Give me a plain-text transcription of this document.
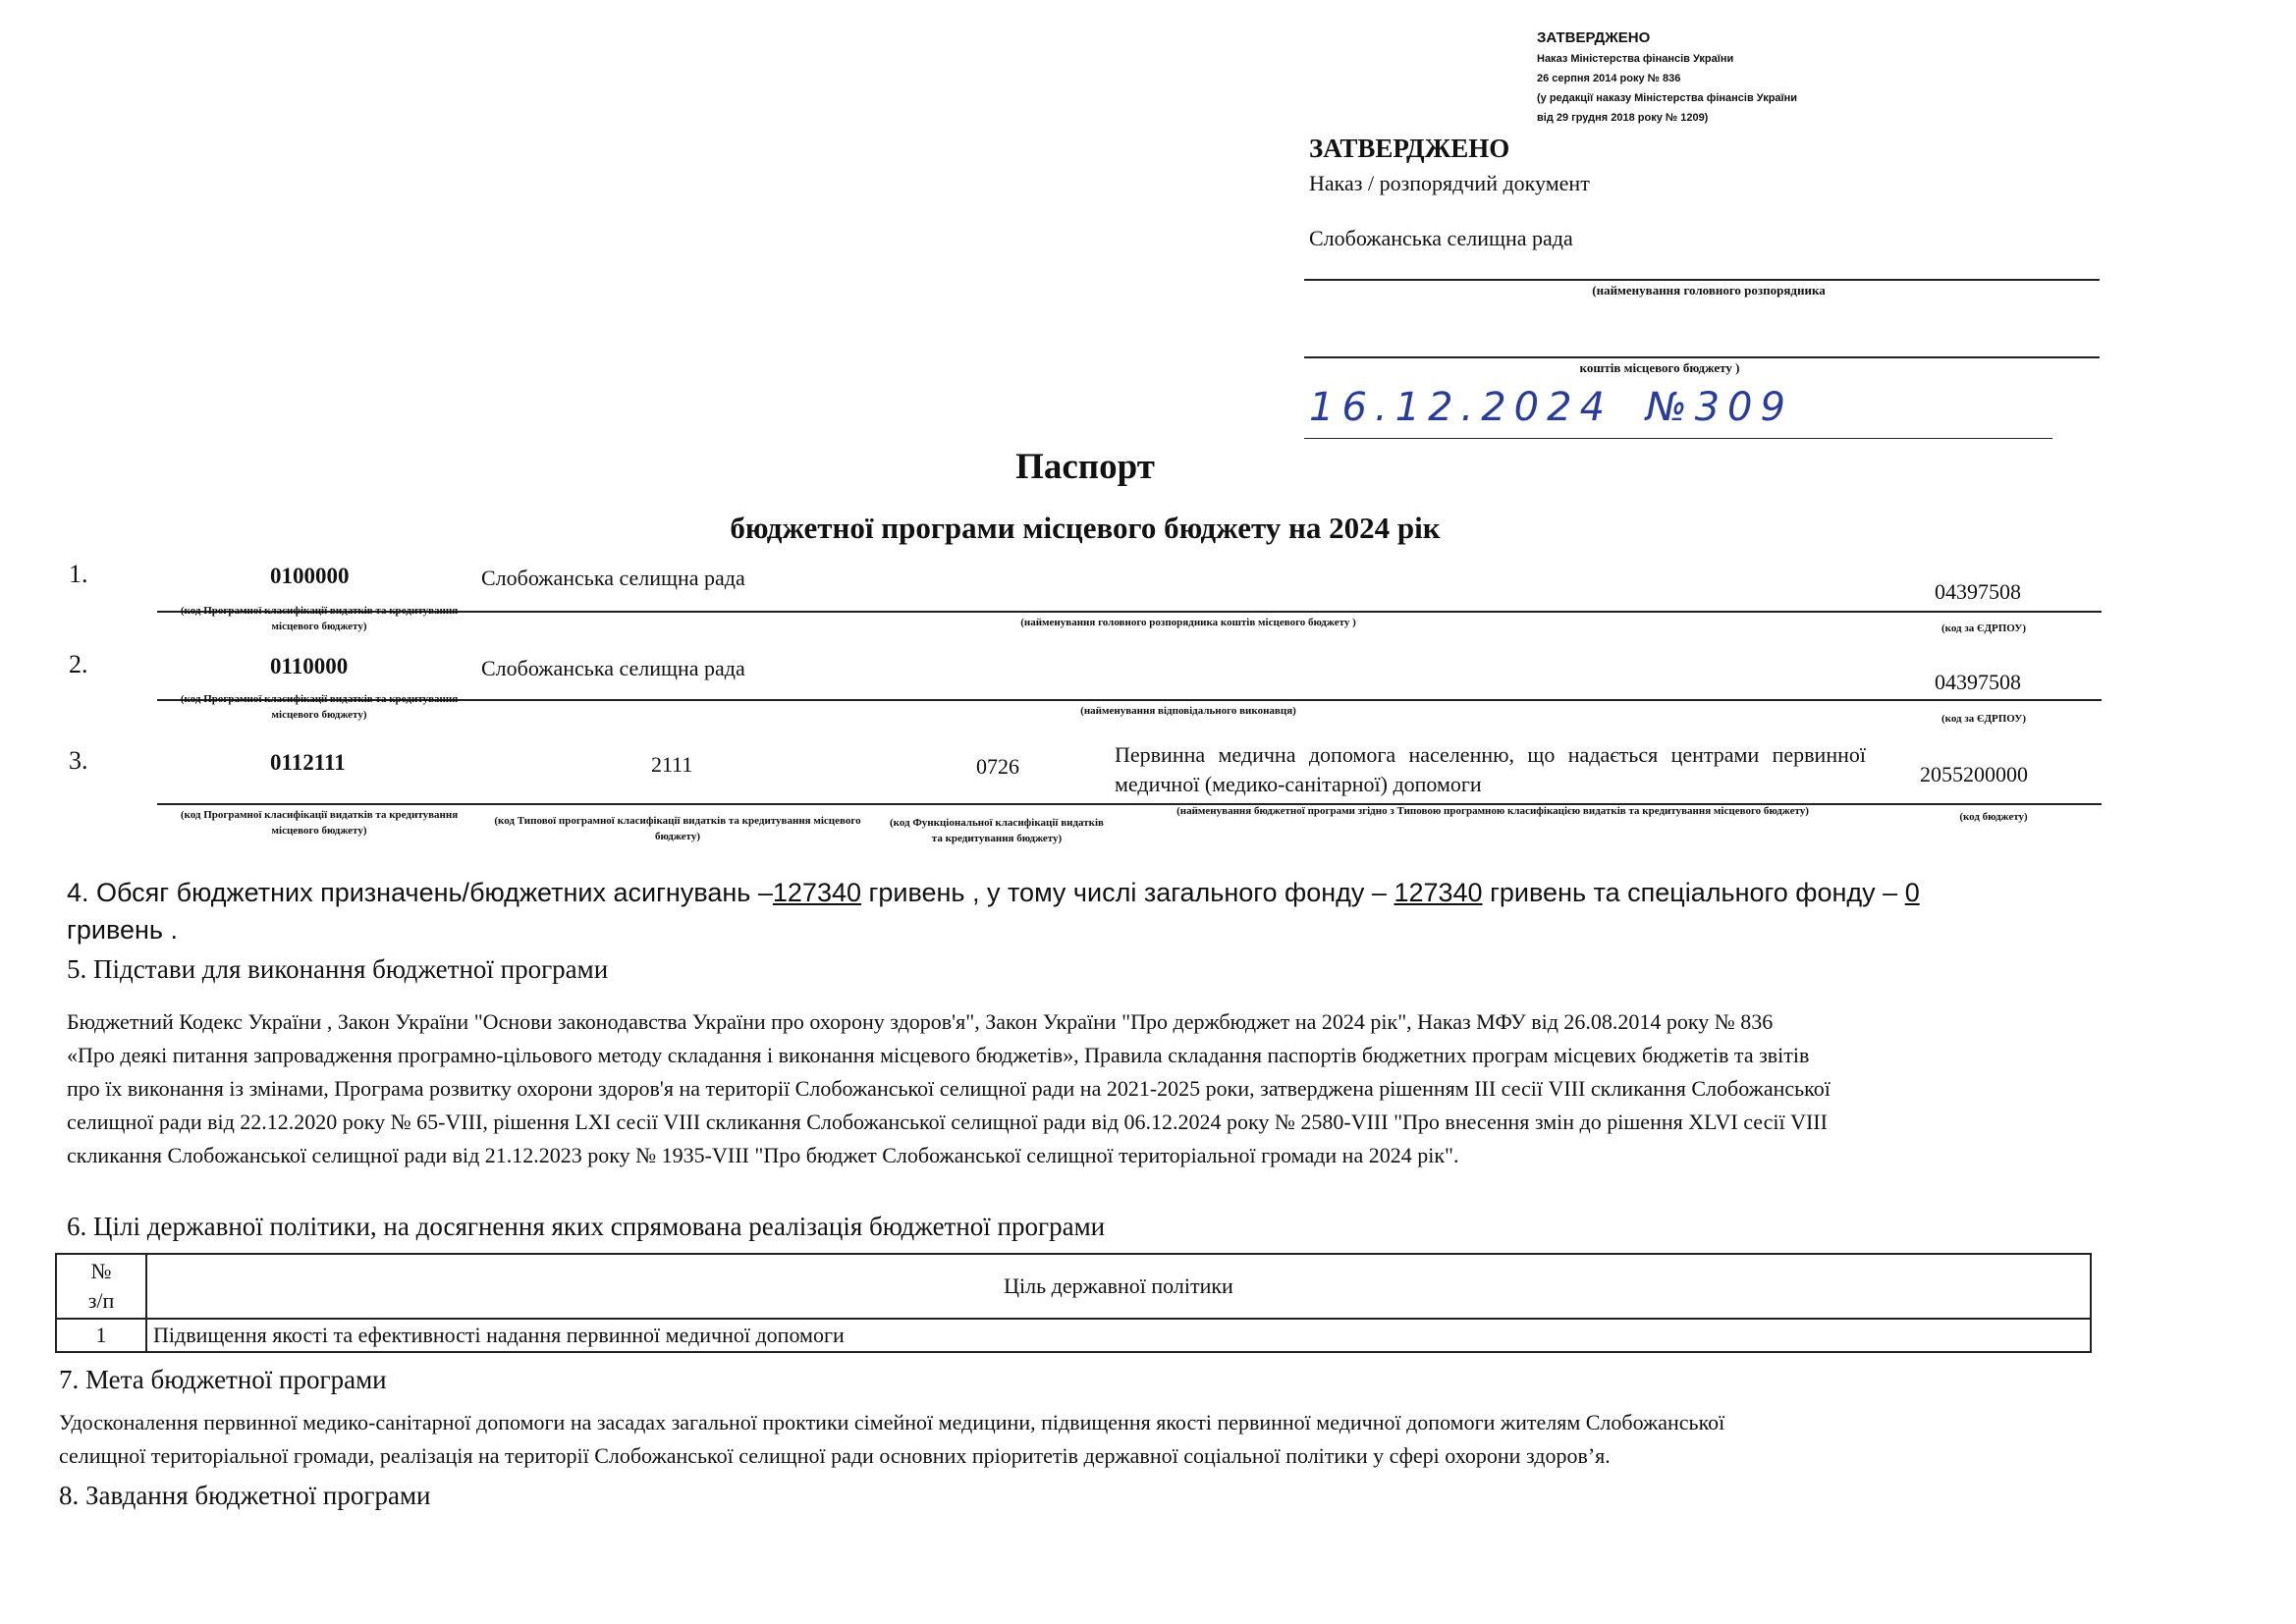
ЗАТВЕРДЖЕНО
Наказ Міністерства фінансів України
26 серпня 2014 року № 836
(у редакції наказу Міністерства фінансів України
від 29 грудня 2018 року № 1209)
ЗАТВЕРДЖЕНО
Наказ / розпорядчий документ
Слобожанська селищна рада
(найменування головного розпорядника
коштів місцевого бюджету )
16.12.2024 №309
Паспорт
бюджетної програми місцевого бюджету на 2024 рік
1.	0100000	Слобожанська селищна рада
04397508
(код Програмної класифікації видатків та кредитування місцевого бюджету)	(найменування головного розпорядника коштів місцевого бюджету )	(код за ЄДРПОУ)
2.	0110000	Слобожанська селищна рада
04397508
(код Програмної класифікації видатків та кредитування місцевого бюджету)	(найменування відповідального виконавця)
(код за ЄДРПОУ)
3.	0112111	2111	0726	Первинна медична допомога населенню, що надається центрами первинної медичної (медико-санітарної) допомоги	2055200000
(код Програмної класифікації видатків та кредитування місцевого бюджету)
(код Типової програмної класифікації видатків та кредитування місцевого бюджету)
(код Функціональної класифікації видатків та кредитування бюджету)
(найменування бюджетної програми згідно з Типовою програмною класифікацією видатків та кредитування місцевого бюджету)	(код бюджету)
4. Обсяг бюджетних призначень/бюджетних асигнувань –127340 гривень , у тому числі загального фонду – 127340 гривень та спеціального фонду – 0
гривень .
5. Підстави для виконання бюджетної програми
Бюджетний Кодекс України , Закон України "Основи законодавства України про охорону здоров'я", Закон України "Про держбюджет на 2024 рік", Наказ МФУ від 26.08.2014 року № 836
«Про деякі питання запровадження програмно-цільового методу складання і виконання місцевого бюджетів», Правила складання паспортів бюджетних програм місцевих бюджетів та звітів
про їх виконання із змінами, Програма розвитку охорони здоров'я на території Слобожанської селищної ради на 2021-2025 роки, затверджена рішенням ІІІ сесії VІІІ скликання Слобожанської
селищної ради від 22.12.2020 року № 65-VІІІ, рішення LXІ сесії VIII скликання Слобожанської селищної ради від 06.12.2024 року № 2580-VIII "Про внесення змін до рішення XLVI сесії VIII
скликання Слобожанської селищної ради від 21.12.2023 року № 1935-VIII "Про бюджет Слобожанської селищної територіальної громади на 2024 рік".
6. Цілі державної політики, на досягнення яких спрямована реалізація бюджетної програми
№
з/п	Ціль державної політики
1	Підвищення якості та ефективності надання первинної медичної допомоги
7. Мета бюджетної програми
Удосконалення первинної медико-санітарної допомоги на засадах загальної проктики сімейної медицини, підвищення якості первинної медичної допомоги жителям Слобожанської
селищної територіальної громади, реалізація на території Слобожанської селищної ради основних пріоритетів державної соціальної політики у сфері охорони здоров’я.
8. Завдання бюджетної програми
